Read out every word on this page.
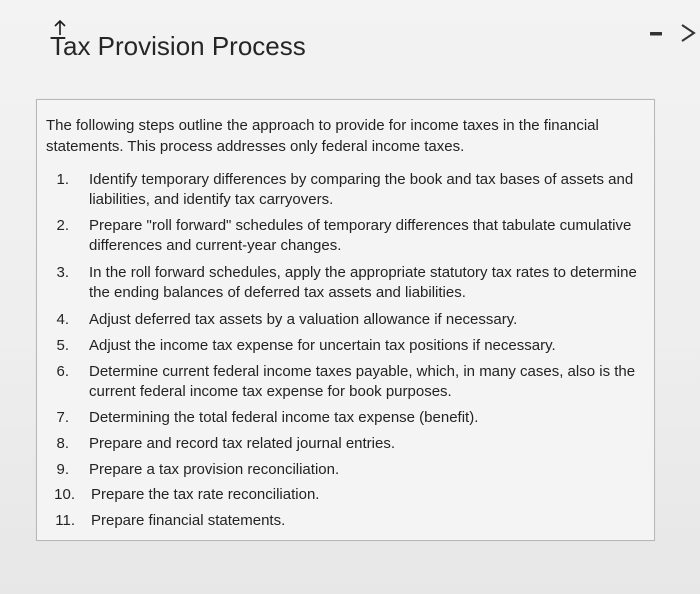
Tax Provision Process

The following steps outline the approach to provide for income taxes in the financial statements. This process addresses only federal income taxes.

1. Identify temporary differences by comparing the book and tax bases of assets and liabilities, and identify tax carryovers.
2. Prepare "roll forward" schedules of temporary differences that tabulate cumulative differences and current-year changes.
3. In the roll forward schedules, apply the appropriate statutory tax rates to determine the ending balances of deferred tax assets and liabilities.
4. Adjust deferred tax assets by a valuation allowance if necessary.
5. Adjust the income tax expense for uncertain tax positions if necessary.
6. Determine current federal income taxes payable, which, in many cases, also is the current federal income tax expense for book purposes.
7. Determining the total federal income tax expense (benefit).
8. Prepare and record tax related journal entries.
9. Prepare a tax provision reconciliation.
10. Prepare the tax rate reconciliation.
11. Prepare financial statements.
